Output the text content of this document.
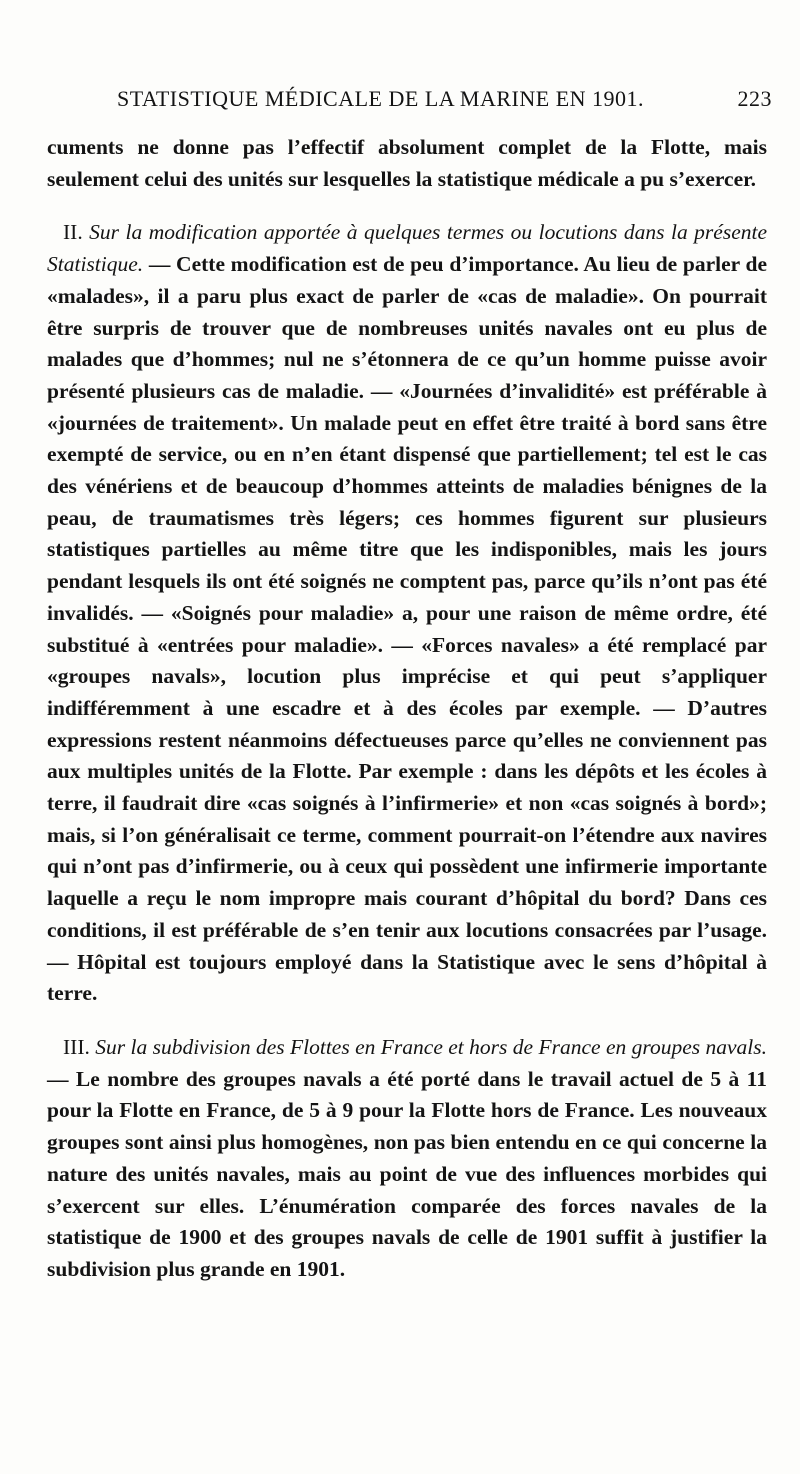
STATISTIQUE MÉDICALE DE LA MARINE EN 1901.	223

cuments ne donne pas l’effectif absolument complet de la Flotte, mais seulement celui des unités sur lesquelles la statistique médicale a pu s’exercer.

II. Sur la modification apportée à quelques termes ou locutions dans la présente Statistique. — Cette modification est de peu d’importance. Au lieu de parler de «malades», il a paru plus exact de parler de «cas de maladie». On pourrait être surpris de trouver que de nombreuses unités navales ont eu plus de malades que d’hommes; nul ne s’étonnera de ce qu’un homme puisse avoir présenté plusieurs cas de maladie. — «Journées d’invalidité» est préférable à «journées de traitement». Un malade peut en effet être traité à bord sans être exempté de service, ou en n’en étant dispensé que partiellement; tel est le cas des vénériens et de beaucoup d’hommes atteints de maladies bénignes de la peau, de traumatismes très légers; ces hommes figurent sur plusieurs statistiques partielles au même titre que les indisponibles, mais les jours pendant lesquels ils ont été soignés ne comptent pas, parce qu’ils n’ont pas été invalidés. — «Soignés pour maladie» a, pour une raison de même ordre, été substitué à «entrées pour maladie». — «Forces navales» a été remplacé par «groupes navals», locution plus imprécise et qui peut s’appliquer indifféremment à une escadre et à des écoles par exemple. — D’autres expressions restent néanmoins défectueuses parce qu’elles ne conviennent pas aux multiples unités de la Flotte. Par exemple : dans les dépôts et les écoles à terre, il faudrait dire «cas soignés à l’infirmerie» et non «cas soignés à bord»; mais, si l’on généralisait ce terme, comment pourrait-on l’étendre aux navires qui n’ont pas d’infirmerie, ou à ceux qui possèdent une infirmerie importante laquelle a reçu le nom impropre mais courant d’hôpital du bord? Dans ces conditions, il est préférable de s’en tenir aux locutions consacrées par l’usage. — Hôpital est toujours employé dans la Statistique avec le sens d’hôpital à terre.

III. Sur la subdivision des Flottes en France et hors de France en groupes navals. — Le nombre des groupes navals a été porté dans le travail actuel de 5 à 11 pour la Flotte en France, de 5 à 9 pour la Flotte hors de France. Les nouveaux groupes sont ainsi plus homogènes, non pas bien entendu en ce qui concerne la nature des unités navales, mais au point de vue des influences morbides qui s’exercent sur elles. L’énumération comparée des forces navales de la statistique de 1900 et des groupes navals de celle de 1901 suffit à justifier la subdivision plus grande en 1901.
